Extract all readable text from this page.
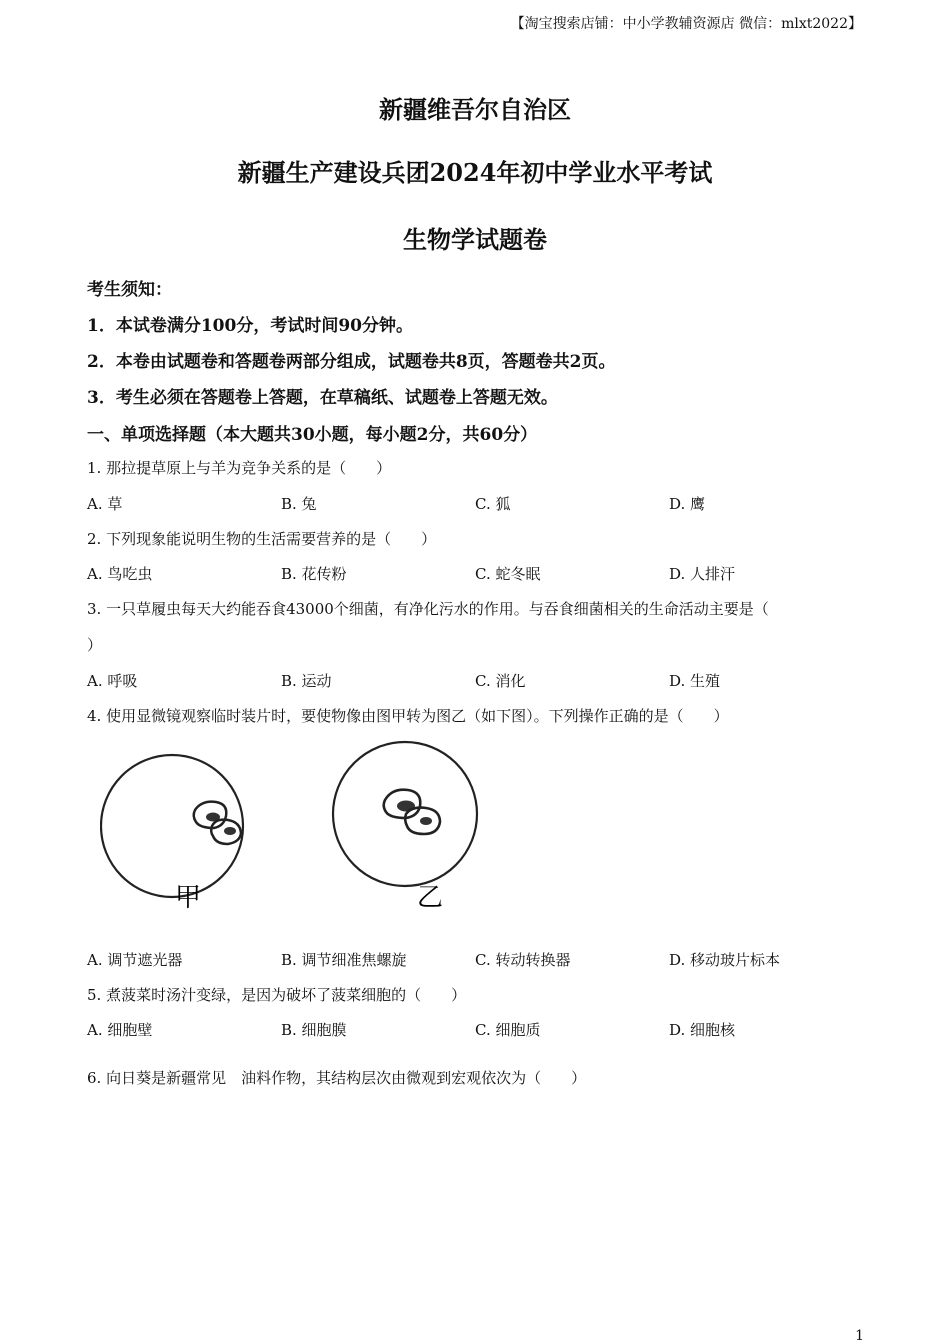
【淘宝搜索店铺：中小学教辅资源店 微信：mlxt2022】
新疆维吾尔自治区
新疆生产建设兵团2024年初中学业水平考试
生物学试题卷
考生须知：
1．本试卷满分100分，考试时间90分钟。
2．本卷由试题卷和答题卷两部分组成，试题卷共8页，答题卷共2页。
3．考生必须在答题卷上答题，在草稿纸、试题卷上答题无效。
一、单项选择题（本大题共30小题，每小题2分，共60分）
1. 那拉提草原上与羊为竞争关系的是（　　）
A. 草	B. 兔	C. 狐	D. 鹰
2. 下列现象能说明生物的生活需要营养的是（　　）
A. 鸟吃虫	B. 花传粉	C. 蛇冬眠	D. 人排汗
3. 一只草履虫每天大约能吞食43000个细菌，有净化污水的作用。与吞食细菌相关的生命活动主要是（
）
A. 呼吸	B. 运动	C. 消化	D. 生殖
4. 使用显微镜观察临时装片时，要使物像由图甲转为图乙（如下图）。下列操作正确的是（　　）
甲	乙
A. 调节遮光器	B. 调节细准焦螺旋	C. 转动转换器	D. 移动玻片标本
5. 煮菠菜时汤汁变绿，是因为破坏了菠菜细胞的（　　）
A. 细胞壁	B. 细胞膜	C. 细胞质	D. 细胞核
6. 向日葵是新疆常见　油料作物，其结构层次由微观到宏观依次为（　　）
1
